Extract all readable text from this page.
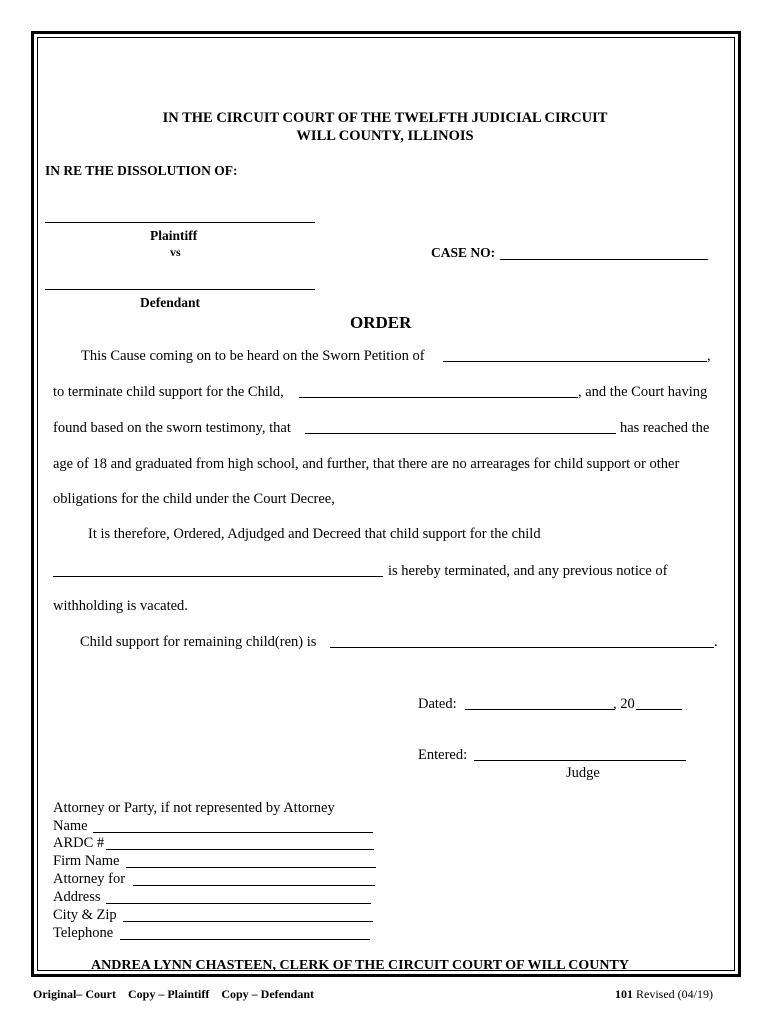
IN THE CIRCUIT COURT OF THE TWELFTH JUDICIAL CIRCUIT
WILL COUNTY, ILLINOIS
IN RE THE DISSOLUTION OF:
Plaintiff
vs	CASE NO:
Defendant
ORDER
This Cause coming on to be heard on the Sworn Petition of	,
to terminate child support for the Child,	, and the Court having
found based on the sworn testimony, that	has reached the
age of 18 and graduated from high school, and further, that there are no arrearages for child support or other
obligations for the child under the Court Decree,
It is therefore, Ordered, Adjudged and Decreed that child support for the child
is hereby terminated, and any previous notice of
withholding is vacated.
Child support for remaining child(ren) is	.
Dated:	, 20
Entered:
Judge
Attorney or Party, if not represented by Attorney
Name
ARDC #
Firm Name
Attorney for
Address
City & Zip
Telephone
ANDREA LYNN CHASTEEN, CLERK OF THE CIRCUIT COURT OF WILL COUNTY
Original– Court    Copy – Plaintiff    Copy – Defendant	101 Revised (04/19)
